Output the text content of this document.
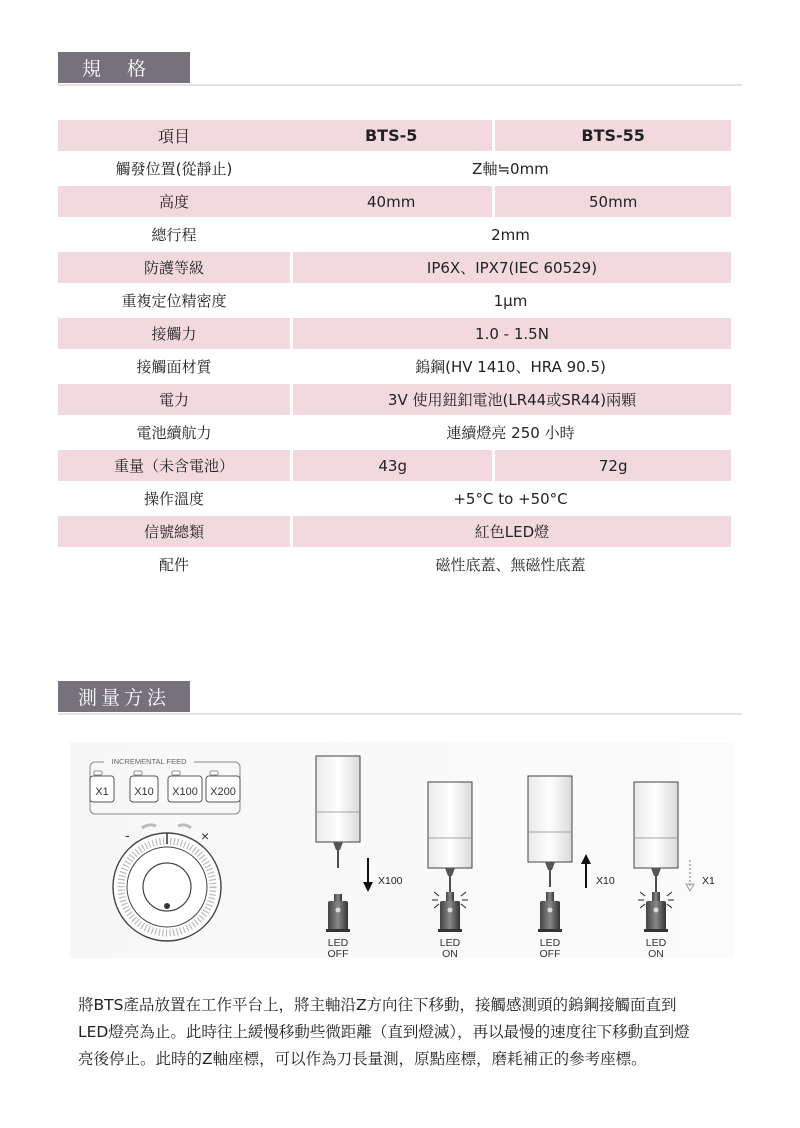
規 格
項目	BTS-5	BTS-55
觸發位置(從靜止)	Z軸≒0mm	
高度	40mm	50mm
總行程	2mm	
防護等級	IP6X、IPX7(IEC 60529)	
重複定位精密度	1μm	
接觸力	1.0 - 1.5N	
接觸面材質	鎢鋼(HV 1410、HRA 90.5)	
電力	3V 使用鈕釦電池(LR44或SR44)兩顆	
電池續航力	連續燈亮 250 小時	
重量（未含電池）	43g	72g
操作溫度	+5°C to +50°C	
信號總類	紅色LED燈	
配件	磁性底蓋、無磁性底蓋	
測量方法
INCREMENTAL FEED
X1 X10 X100 X200
-	×
X100
LED
OFF
LED
ON
X10
LED
OFF
X1
LED
ON
將BTS產品放置在工作平台上，將主軸沿Z方向往下移動，接觸感測頭的鎢鋼接觸面直到
LED燈亮為止。此時往上緩慢移動些微距離（直到燈滅），再以最慢的速度往下移動直到燈
亮後停止。此時的Z軸座標，可以作為刀長量測，原點座標，磨耗補正的參考座標。
